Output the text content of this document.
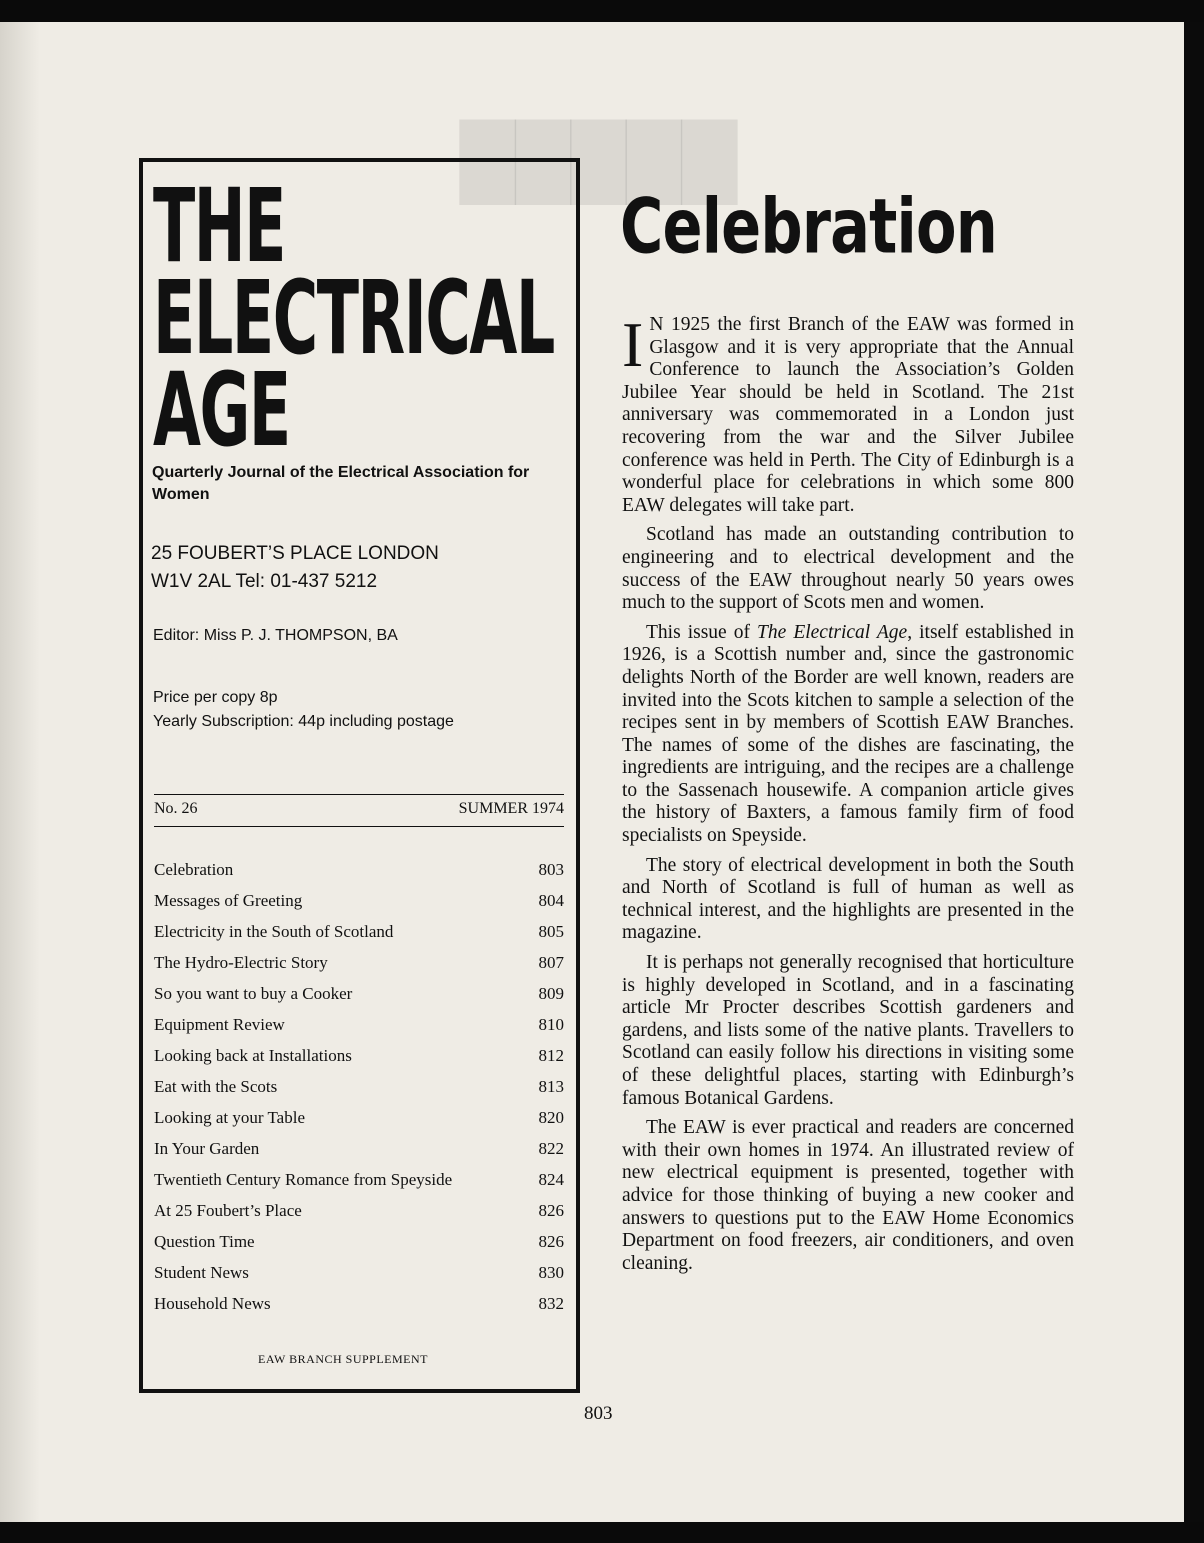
█████
THE
ELECTRICAL
AGE
Quarterly Journal of the Electrical Association for Women
25 FOUBERT’S PLACE LONDON
W1V 2AL Tel: 01-437 5212
Editor: Miss P. J. THOMPSON, BA
Price per copy 8p
Yearly Subscription: 44p including postage
No. 26	SUMMER 1974
Celebration	803
Messages of Greeting	804
Electricity in the South of Scotland	805
The Hydro-Electric Story	807
So you want to buy a Cooker	809
Equipment Review	810
Looking back at Installations	812
Eat with the Scots	813
Looking at your Table	820
In Your Garden	822
Twentieth Century Romance from Speyside	824
At 25 Foubert’s Place	826
Question Time	826
Student News	830
Household News	832
EAW BRANCH SUPPLEMENT
Celebration

I N 1925 the first Branch of the EAW was formed in Glasgow and it is very appropriate that the Annual Conference to launch the Association’s Golden Jubilee Year should be held in Scotland. The 21st anniversary was commemorated in a London just recovering from the war and the Silver Jubilee conference was held in Perth. The City of Edinburgh is a wonderful place for celebrations in which some 800 EAW delegates will take part.

Scotland has made an outstanding contribution to engineering and to electrical development and the success of the EAW throughout nearly 50 years owes much to the support of Scots men and women.

This issue of The Electrical Age, itself established in 1926, is a Scottish number and, since the gastronomic delights North of the Border are well known, readers are invited into the Scots kitchen to sample a selection of the recipes sent in by members of Scottish EAW Branches. The names of some of the dishes are fascinating, the ingredients are intriguing, and the recipes are a challenge to the Sassenach housewife. A companion article gives the history of Baxters, a famous family firm of food specialists on Speyside.

The story of electrical development in both the South and North of Scotland is full of human as well as technical interest, and the highlights are presented in the magazine.

It is perhaps not generally recognised that horticulture is highly developed in Scotland, and in a fascinating article Mr Procter describes Scottish gardeners and gardens, and lists some of the native plants. Travellers to Scotland can easily follow his directions in visiting some of these delightful places, starting with Edinburgh’s famous Botanical Gardens.

The EAW is ever practical and readers are concerned with their own homes in 1974. An illustrated review of new electrical equipment is presented, together with advice for those thinking of buying a new cooker and answers to questions put to the EAW Home Economics Department on food freezers, air conditioners, and oven cleaning.

803
